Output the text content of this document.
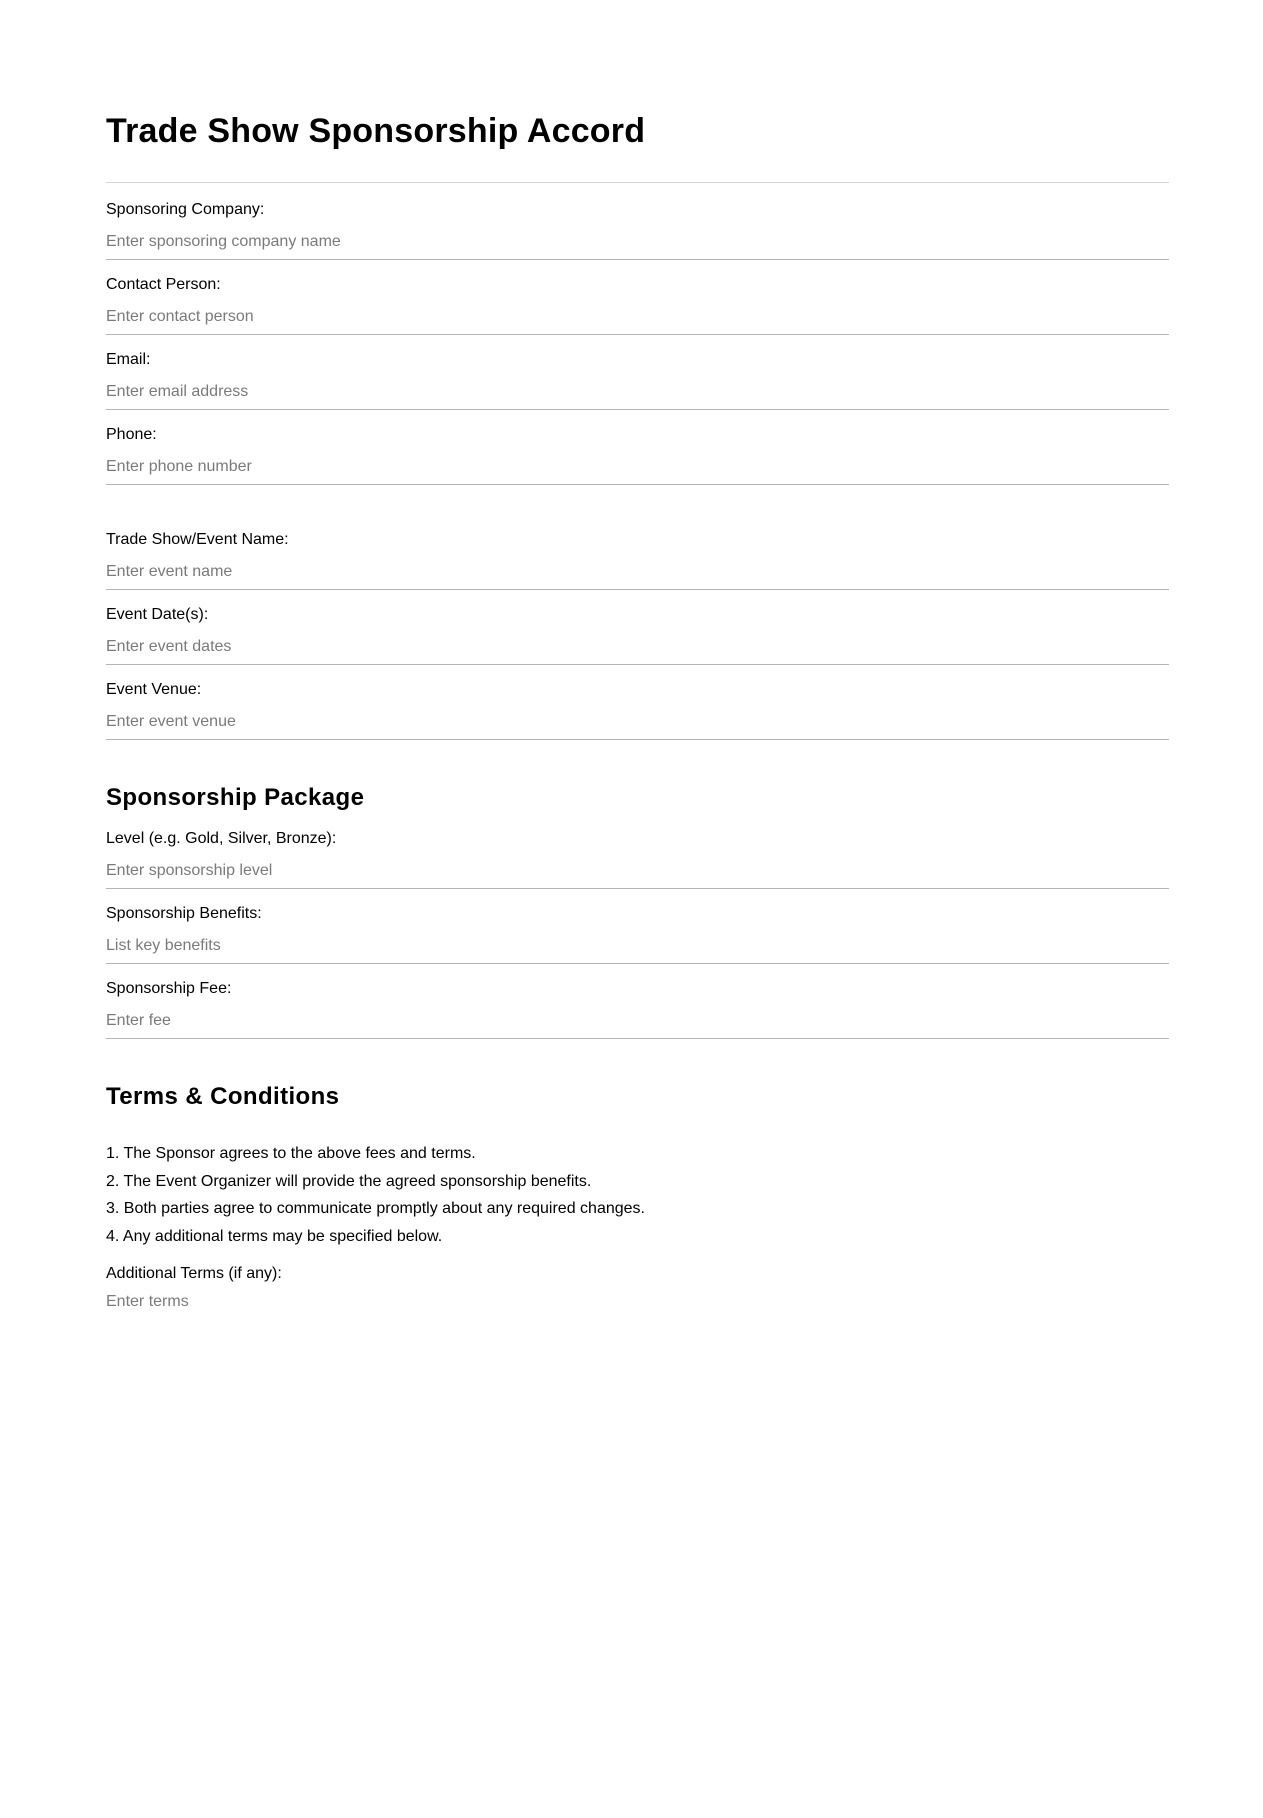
Trade Show Sponsorship Accord
Sponsoring Company:
Enter sponsoring company name
Contact Person:
Enter contact person
Email:
Enter email address
Phone:
Enter phone number
Trade Show/Event Name:
Enter event name
Event Date(s):
Enter event dates
Event Venue:
Enter event venue
Sponsorship Package
Level (e.g. Gold, Silver, Bronze):
Enter sponsorship level
Sponsorship Benefits:
List key benefits
Sponsorship Fee:
Enter fee
Terms & Conditions
1. The Sponsor agrees to the above fees and terms.
2. The Event Organizer will provide the agreed sponsorship benefits.
3. Both parties agree to communicate promptly about any required changes.
4. Any additional terms may be specified below.
Additional Terms (if any):
Enter terms
